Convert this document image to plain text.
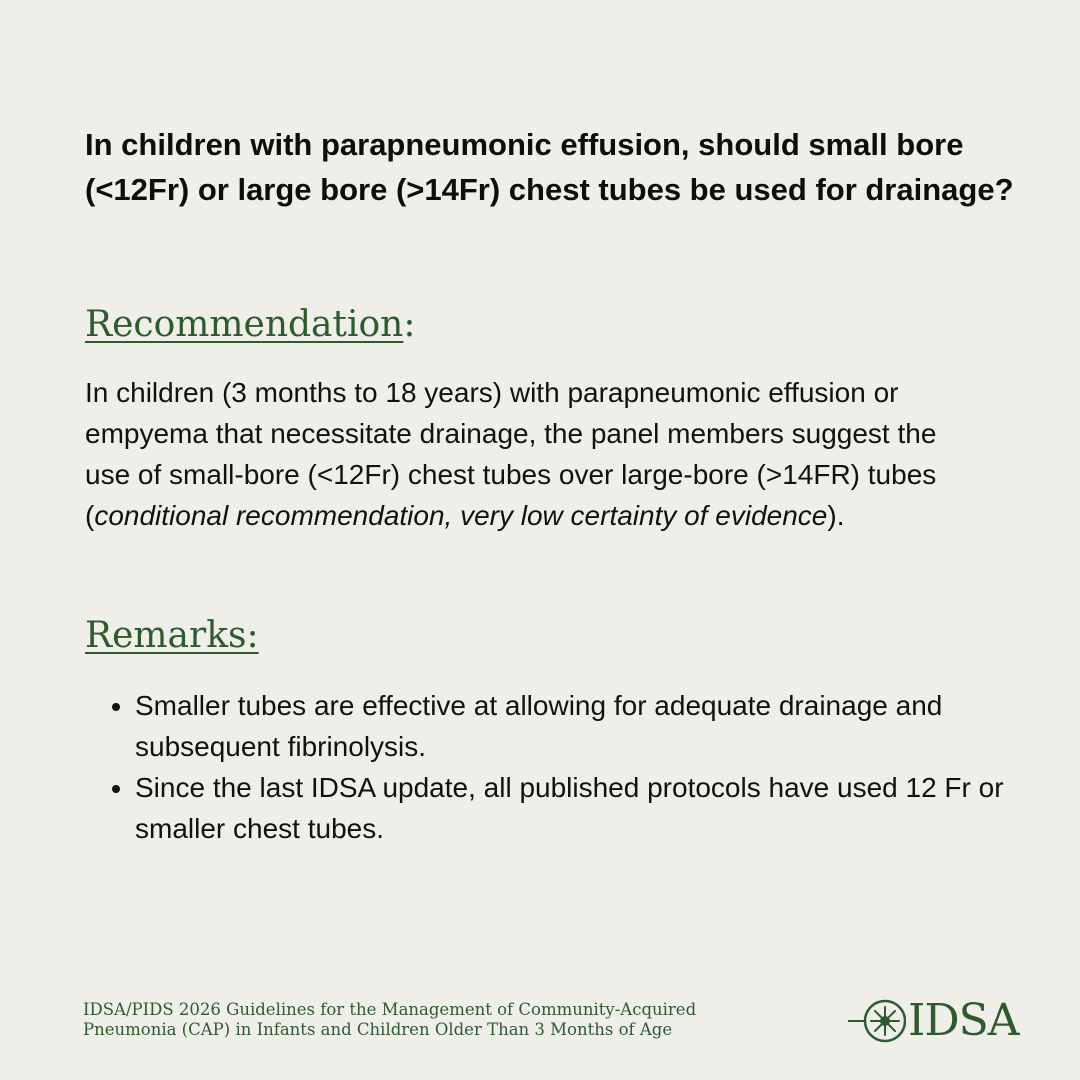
In children with parapneumonic effusion, should small bore (<12Fr) or large bore (>14Fr) chest tubes be used for drainage?
Recommendation:

In children (3 months to 18 years) with parapneumonic effusion or empyema that necessitate drainage, the panel members suggest the use of small-bore (<12Fr) chest tubes over large-bore (>14FR) tubes (conditional recommendation, very low certainty of evidence).

Remarks:
• Smaller tubes are effective at allowing for adequate drainage and subsequent fibrinolysis.
• Since the last IDSA update, all published protocols have used 12 Fr or smaller chest tubes.

IDSA/PIDS 2026 Guidelines for the Management of Community-Acquired
Pneumonia (CAP) in Infants and Children Older Than 3 Months of Age	IDSA
